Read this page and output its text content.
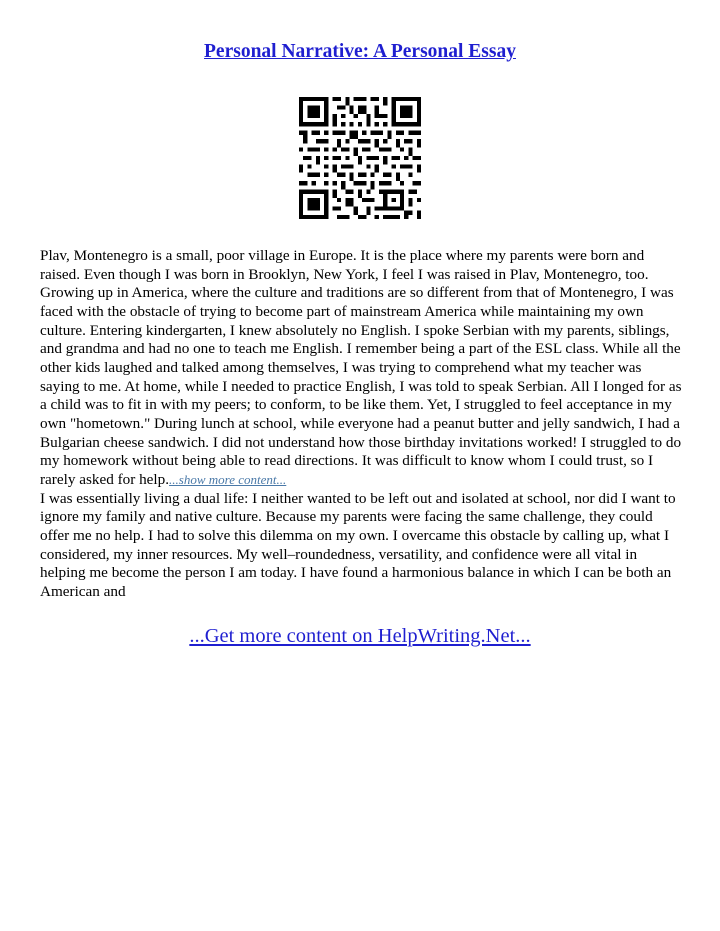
Personal Narrative: A Personal Essay

Plav, Montenegro is a small, poor village in Europe. It is the place where my parents were born and raised. Even though I was born in Brooklyn, New York, I feel I was raised in Plav, Montenegro, too. Growing up in America, where the culture and traditions are so different from that of Montenegro, I was faced with the obstacle of trying to become part of mainstream America while maintaining my own culture. Entering kindergarten, I knew absolutely no English. I spoke Serbian with my parents, siblings, and grandma and had no one to teach me English. I remember being a part of the ESL class. While all the other kids laughed and talked among themselves, I was trying to comprehend what my teacher was saying to me. At home, while I needed to practice English, I was told to speak Serbian. All I longed for as a child was to fit in with my peers; to conform, to be like them. Yet, I struggled to feel acceptance in my own "hometown." During lunch at school, while everyone had a peanut butter and jelly sandwich, I had a Bulgarian cheese sandwich. I did not understand how those birthday invitations worked! I struggled to do my homework without being able to read directions. It was difficult to know whom I could trust, so I rarely asked for help....show more content...

I was essentially living a dual life: I neither wanted to be left out and isolated at school, nor did I want to ignore my family and native culture. Because my parents were facing the same challenge, they could offer me no help. I had to solve this dilemma on my own. I overcame this obstacle by calling up, what I considered, my inner resources. My well–roundedness, versatility, and confidence were all vital in helping me become the person I am today. I have found a harmonious balance in which I can be both an American and

...Get more content on HelpWriting.Net...
